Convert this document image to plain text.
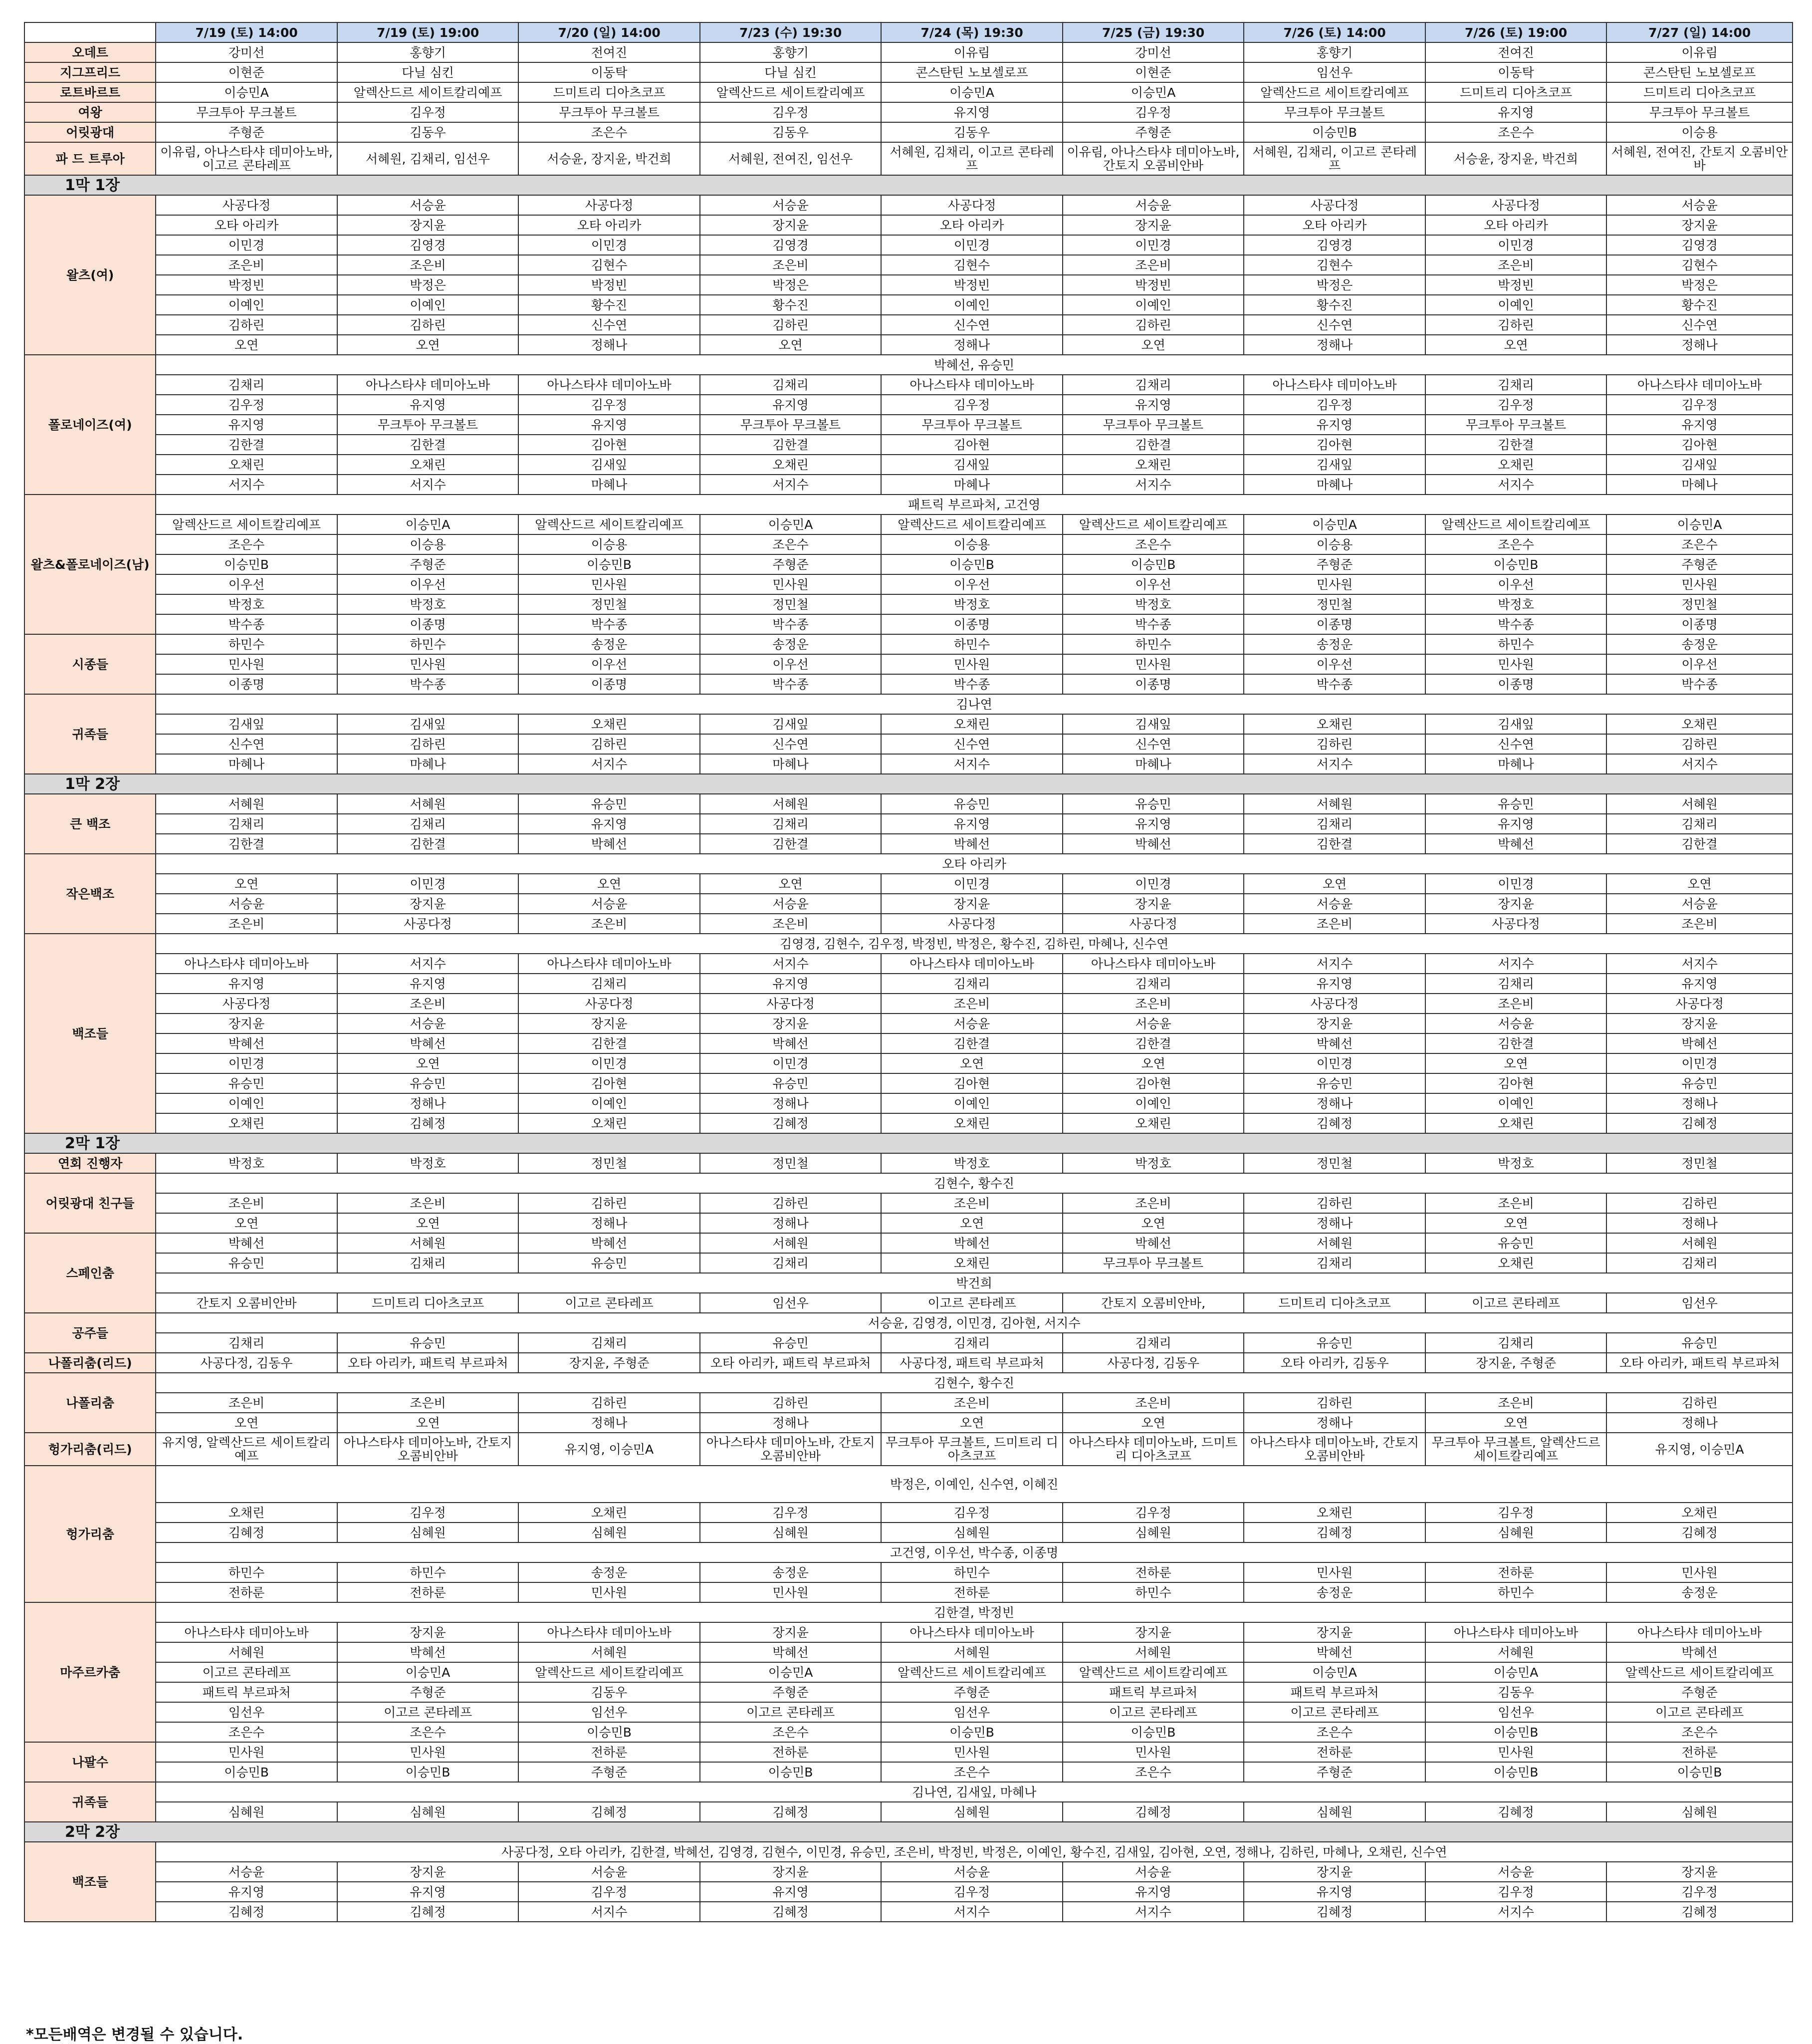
	7/19 (토) 14:00	7/19 (토) 19:00	7/20 (일) 14:00	7/23 (수) 19:30	7/24 (목) 19:30	7/25 (금) 19:30	7/26 (토) 14:00	7/26 (토) 19:00	7/27 (일) 14:00
오데트	강미선	홍향기	전여진	홍향기	이유림	강미선	홍향기	전여진	이유림
지그프리드	이현준	다닐 심킨	이동탁	다닐 심킨	콘스탄틴 노보셀로프	이현준	임선우	이동탁	콘스탄틴 노보셀로프
로트바르트	이승민A	알렉산드르 세이트칼리예프	드미트리 디아츠코프	알렉산드르 세이트칼리예프	이승민A	이승민A	알렉산드르 세이트칼리예프	드미트리 디아츠코프	드미트리 디아츠코프
여왕	무크투아 무크볼트	김우정	무크투아 무크볼트	김우정	유지영	김우정	무크투아 무크볼트	유지영	무크투아 무크볼트
어릿광대	주형준	김동우	조은수	김동우	김동우	주형준	이승민B	조은수	이승용
파 드 트루아	이유림, 아나스타샤 데미아노바, 이고르 콘타레프	서혜원, 김채리, 임선우	서승윤, 장지윤, 박건희	서혜원, 전여진, 임선우	서혜원, 김채리, 이고르 콘타레프	이유림, 아나스타샤 데미아노바, 간토지 오콤비안바	서혜원, 김채리, 이고르 콘타레프	서승윤, 장지윤, 박건희	서혜원, 전여진, 간토지 오콤비안바
1막 1장									
왈츠(여)	사공다정	서승윤	사공다정	서승윤	사공다정	서승윤	사공다정	사공다정	서승윤
	오타 아리카	장지윤	오타 아리카	장지윤	오타 아리카	장지윤	오타 아리카	오타 아리카	장지윤
	이민경	김영경	이민경	김영경	이민경	이민경	김영경	이민경	김영경
	조은비	조은비	김현수	조은비	김현수	조은비	김현수	조은비	김현수
	박정빈	박정은	박정빈	박정은	박정빈	박정빈	박정은	박정빈	박정은
	이예인	이예인	황수진	황수진	이예인	이예인	황수진	이예인	황수진
	김하린	김하린	신수연	김하린	신수연	김하린	신수연	김하린	신수연
	오연	오연	정해나	오연	정해나	오연	정해나	오연	정해나
폴로네이즈(여)	박혜선, 유승민								
	김채리	아나스타샤 데미아노바	아나스타샤 데미아노바	김채리	아나스타샤 데미아노바	김채리	아나스타샤 데미아노바	김채리	아나스타샤 데미아노바
	김우정	유지영	김우정	유지영	김우정	유지영	김우정	김우정	김우정
	유지영	무크투아 무크볼트	유지영	무크투아 무크볼트	무크투아 무크볼트	무크투아 무크볼트	유지영	무크투아 무크볼트	유지영
	김한결	김한결	김아현	김한결	김아현	김한결	김아현	김한결	김아현
	오채린	오채린	김새잎	오채린	김새잎	오채린	김새잎	오채린	김새잎
	서지수	서지수	마혜나	서지수	마혜나	서지수	마혜나	서지수	마혜나
왈츠&폴로네이즈(남)	패트릭 부르파처, 고건영								
	알렉산드르 세이트칼리예프	이승민A	알렉산드르 세이트칼리예프	이승민A	알렉산드르 세이트칼리예프	알렉산드르 세이트칼리예프	이승민A	알렉산드르 세이트칼리예프	이승민A
	조은수	이승용	이승용	조은수	이승용	조은수	이승용	조은수	조은수
	이승민B	주형준	이승민B	주형준	이승민B	이승민B	주형준	이승민B	주형준
	이우선	이우선	민사원	민사원	이우선	이우선	민사원	이우선	민사원
	박정호	박정호	정민철	정민철	박정호	박정호	정민철	박정호	정민철
	박수종	이종명	박수종	박수종	이종명	박수종	이종명	박수종	이종명
시종들	하민수	하민수	송정운	송정운	하민수	하민수	송정운	하민수	송정운
	민사원	민사원	이우선	이우선	민사원	민사원	이우선	민사원	이우선
	이종명	박수종	이종명	박수종	박수종	이종명	박수종	이종명	박수종
귀족들	김나연								
	김새잎	김새잎	오채린	김새잎	오채린	김새잎	오채린	김새잎	오채린
	신수연	김하린	김하린	신수연	신수연	신수연	김하린	신수연	김하린
	마혜나	마혜나	서지수	마혜나	서지수	마혜나	서지수	마혜나	서지수
1막 2장									
큰 백조	서혜원	서혜원	유승민	서혜원	유승민	유승민	서혜원	유승민	서혜원
	김채리	김채리	유지영	김채리	유지영	유지영	김채리	유지영	김채리
	김한결	김한결	박혜선	김한결	박혜선	박혜선	김한결	박혜선	김한결
작은백조	오타 아리카								
	오연	이민경	오연	오연	이민경	이민경	오연	이민경	오연
	서승윤	장지윤	서승윤	서승윤	장지윤	장지윤	서승윤	장지윤	서승윤
	조은비	사공다정	조은비	조은비	사공다정	사공다정	조은비	사공다정	조은비
백조들	김영경, 김현수, 김우정, 박정빈, 박정은, 황수진, 김하린, 마혜나, 신수연								
	아나스타샤 데미아노바	서지수	아나스타샤 데미아노바	서지수	아나스타샤 데미아노바	아나스타샤 데미아노바	서지수	서지수	서지수
	유지영	유지영	김채리	유지영	김채리	김채리	유지영	김채리	유지영
	사공다정	조은비	사공다정	사공다정	조은비	조은비	사공다정	조은비	사공다정
	장지윤	서승윤	장지윤	장지윤	서승윤	서승윤	장지윤	서승윤	장지윤
	박혜선	박혜선	김한결	박혜선	김한결	김한결	박혜선	김한결	박혜선
	이민경	오연	이민경	이민경	오연	오연	이민경	오연	이민경
	유승민	유승민	김아현	유승민	김아현	김아현	유승민	김아현	유승민
	이예인	정해나	이예인	정해나	이예인	이예인	정해나	이예인	정해나
	오채린	김혜정	오채린	김혜정	오채린	오채린	김혜정	오채린	김혜정
2막 1장									
연회 진행자	박정호	박정호	정민철	정민철	박정호	박정호	정민철	박정호	정민철
어릿광대 친구들	김현수, 황수진								
	조은비	조은비	김하린	김하린	조은비	조은비	김하린	조은비	김하린
	오연	오연	정해나	정해나	오연	오연	정해나	오연	정해나
스페인춤	박혜선	서혜원	박혜선	서혜원	박혜선	박혜선	서혜원	유승민	서혜원
	유승민	김채리	유승민	김채리	오채린	무크투아 무크볼트	김채리	오채린	김채리
	박건희								
	간토지 오콤비안바	드미트리 디아츠코프	이고르 콘타레프	임선우	이고르 콘타레프	간토지 오콤비안바,	드미트리 디아츠코프	이고르 콘타레프	임선우
공주들	서승윤, 김영경, 이민경, 김아현, 서지수								
	김채리	유승민	김채리	유승민	김채리	김채리	유승민	김채리	유승민
나폴리춤(리드)	사공다정, 김동우	오타 아리카, 패트릭 부르파처	장지윤, 주형준	오타 아리카, 패트릭 부르파처	사공다정, 패트릭 부르파처	사공다정, 김동우	오타 아리카, 김동우	장지윤, 주형준	오타 아리카, 패트릭 부르파처
나폴리춤	김현수, 황수진								
	조은비	조은비	김하린	김하린	조은비	조은비	김하린	조은비	김하린
	오연	오연	정해나	정해나	오연	오연	정해나	오연	정해나
헝가리춤(리드)	유지영, 알렉산드르 세이트칼리예프	아나스타샤 데미아노바, 간토지 오콤비안바	유지영, 이승민A	아나스타샤 데미아노바, 간토지 오콤비안바	무크투아 무크볼트, 드미트리 디아츠코프	아나스타샤 데미아노바, 드미트리 디아츠코프	아나스타샤 데미아노바, 간토지 오콤비안바	무크투아 무크볼트, 알렉산드르 세이트칼리예프	유지영, 이승민A
헝가리춤	박정은, 이예인, 신수연, 이혜진								
	오채린	김우정	오채린	김우정	김우정	김우정	오채린	김우정	오채린
	김혜정	심혜원	심혜원	심혜원	심혜원	심혜원	김혜정	심혜원	김혜정
	고건영, 이우선, 박수종, 이종명								
	하민수	하민수	송정운	송정운	하민수	전하룬	민사원	전하룬	민사원
	전하룬	전하룬	민사원	민사원	전하룬	하민수	송정운	하민수	송정운
마주르카춤	김한결, 박정빈								
	아나스타샤 데미아노바	장지윤	아나스타샤 데미아노바	장지윤	아나스타샤 데미아노바	장지윤	장지윤	아나스타샤 데미아노바	아나스타샤 데미아노바
	서혜원	박혜선	서혜원	박혜선	서혜원	서혜원	박혜선	서혜원	박혜선
	이고르 콘타레프	이승민A	알렉산드르 세이트칼리예프	이승민A	알렉산드르 세이트칼리예프	알렉산드르 세이트칼리예프	이승민A	이승민A	알렉산드르 세이트칼리예프
	패트릭 부르파처	주형준	김동우	주형준	주형준	패트릭 부르파처	패트릭 부르파처	김동우	주형준
	임선우	이고르 콘타레프	임선우	이고르 콘타레프	임선우	이고르 콘타레프	이고르 콘타레프	임선우	이고르 콘타레프
	조은수	조은수	이승민B	조은수	이승민B	이승민B	조은수	이승민B	조은수
나팔수	민사원	민사원	전하룬	전하룬	민사원	민사원	전하룬	민사원	전하룬
	이승민B	이승민B	주형준	이승민B	조은수	조은수	주형준	이승민B	이승민B
귀족들	김나연, 김새잎, 마혜나								
	심혜원	심혜원	김혜정	김혜정	심혜원	김혜정	심혜원	김혜정	심혜원
2막 2장									
백조들	사공다정, 오타 아리카, 김한결, 박혜선, 김영경, 김현수, 이민경, 유승민, 조은비, 박정빈, 박정은, 이예인, 황수진, 김새잎, 김아현, 오연, 정해나, 김하린, 마혜나, 오채린, 신수연								
	서승윤	장지윤	서승윤	장지윤	서승윤	서승윤	장지윤	서승윤	장지윤
	유지영	유지영	김우정	유지영	김우정	유지영	유지영	김우정	김우정
	김혜정	김혜정	서지수	김혜정	서지수	서지수	김혜정	서지수	김혜정
*모든배역은 변경될 수 있습니다.
